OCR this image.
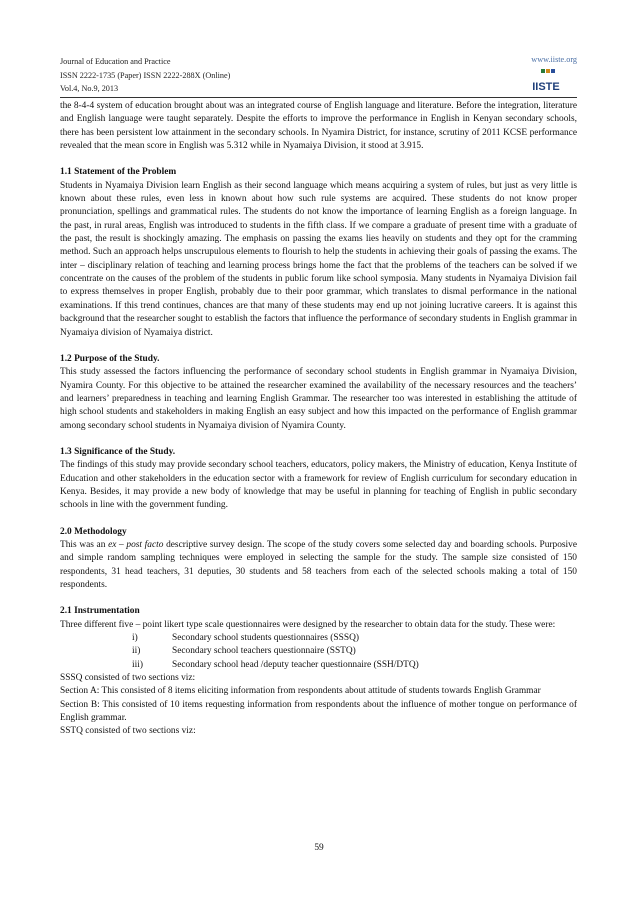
Journal of Education and Practice
ISSN 2222-1735 (Paper) ISSN 2222-288X (Online)
Vol.4, No.9, 2013
www.iiste.org
IISTE

the 8-4-4 system of education brought about was an integrated course of English language and literature. Before the integration, literature and English language were taught separately. Despite the efforts to improve the performance in English in Kenyan secondary schools, there has been persistent low attainment in the secondary schools. In Nyamira District, for instance, scrutiny of 2011 KCSE performance revealed that the mean score in English was 5.312 while in Nyamaiya Division, it stood at 3.915.

1.1 Statement of the Problem

Students in Nyamaiya Division learn English as their second language which means acquiring a system of rules, but just as very little is known about these rules, even less in known about how such rule systems are acquired. These students do not know proper pronunciation, spellings and grammatical rules. The students do not know the importance of learning English as a foreign language. In the past, in rural areas, English was introduced to students in the fifth class. If we compare a graduate of present time with a graduate of the past, the result is shockingly amazing. The emphasis on passing the exams lies heavily on students and they opt for the cramming method. Such an approach helps unscrupulous elements to flourish to help the students in achieving their goals of passing the exams. The inter – disciplinary relation of teaching and learning process brings home the fact that the problems of the teachers can be solved if we concentrate on the causes of the problem of the students in public forum like school symposia. Many students in Nyamaiya Division fail to express themselves in proper English, probably due to their poor grammar, which translates to dismal performance in the national examinations. If this trend continues, chances are that many of these students may end up not joining lucrative careers. It is against this background that the researcher sought to establish the factors that influence the performance of secondary students in English grammar in Nyamaiya division of Nyamaiya district.

1.2 Purpose of the Study.

This study assessed the factors influencing the performance of secondary school students in English grammar in Nyamaiya Division, Nyamira County. For this objective to be attained the researcher examined the availability of the necessary resources and the teachers’ and learners’ preparedness in teaching and learning English Grammar. The researcher too was interested in establishing the attitude of high school students and stakeholders in making English an easy subject and how this impacted on the performance of English grammar among secondary school students in Nyamaiya division of Nyamira County.

1.3 Significance of the Study.

The findings of this study may provide secondary school teachers, educators, policy makers, the Ministry of education, Kenya Institute of Education and other stakeholders in the education sector with a framework for review of English curriculum for secondary education in Kenya. Besides, it may provide a new body of knowledge that may be useful in planning for teaching of English in public secondary schools in line with the government funding.

2.0 Methodology

This was an ex – post facto descriptive survey design. The scope of the study covers some selected day and boarding schools. Purposive and simple random sampling techniques were employed in selecting the sample for the study. The sample size consisted of 150 respondents, 31 head teachers, 31 deputies, 30 students and 58 teachers from each of the selected schools making a total of 150 respondents.

2.1 Instrumentation

Three different five – point likert type scale questionnaires were designed by the researcher to obtain data for the study. These were:

i)	Secondary school students questionnaires (SSSQ)
ii)	Secondary school teachers questionnaire (SSTQ)
iii)	Secondary school head /deputy teacher questionnaire (SSH/DTQ)

SSSQ consisted of two sections viz:

Section A: This consisted of 8 items eliciting information from respondents about attitude of students towards English Grammar

Section B: This consisted of 10 items requesting information from respondents about the influence of mother tongue on performance of English grammar.

SSTQ consisted of two sections viz:

59
